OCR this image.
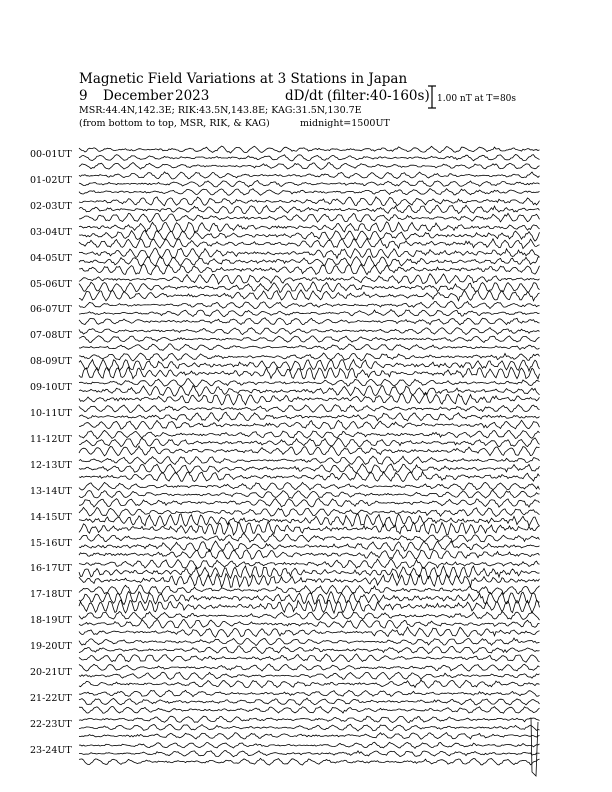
Magnetic Field Variations at 3 Stations in Japan
9 December 2023	dD/dt (filter:40-160s)
MSR:44.4N,142.3E; RIK:43.5N,143.8E; KAG:31.5N,130.7E
(from bottom to top, MSR, RIK, & KAG)	midnight=1500UT
1.00 nT at T=80s
00-01UT
01-02UT
02-03UT
03-04UT
04-05UT
05-06UT
06-07UT
07-08UT
08-09UT
09-10UT
10-11UT
11-12UT
12-13UT
13-14UT
14-15UT
15-16UT
16-17UT
17-18UT
18-19UT
19-20UT
20-21UT
21-22UT
22-23UT
23-24UT
